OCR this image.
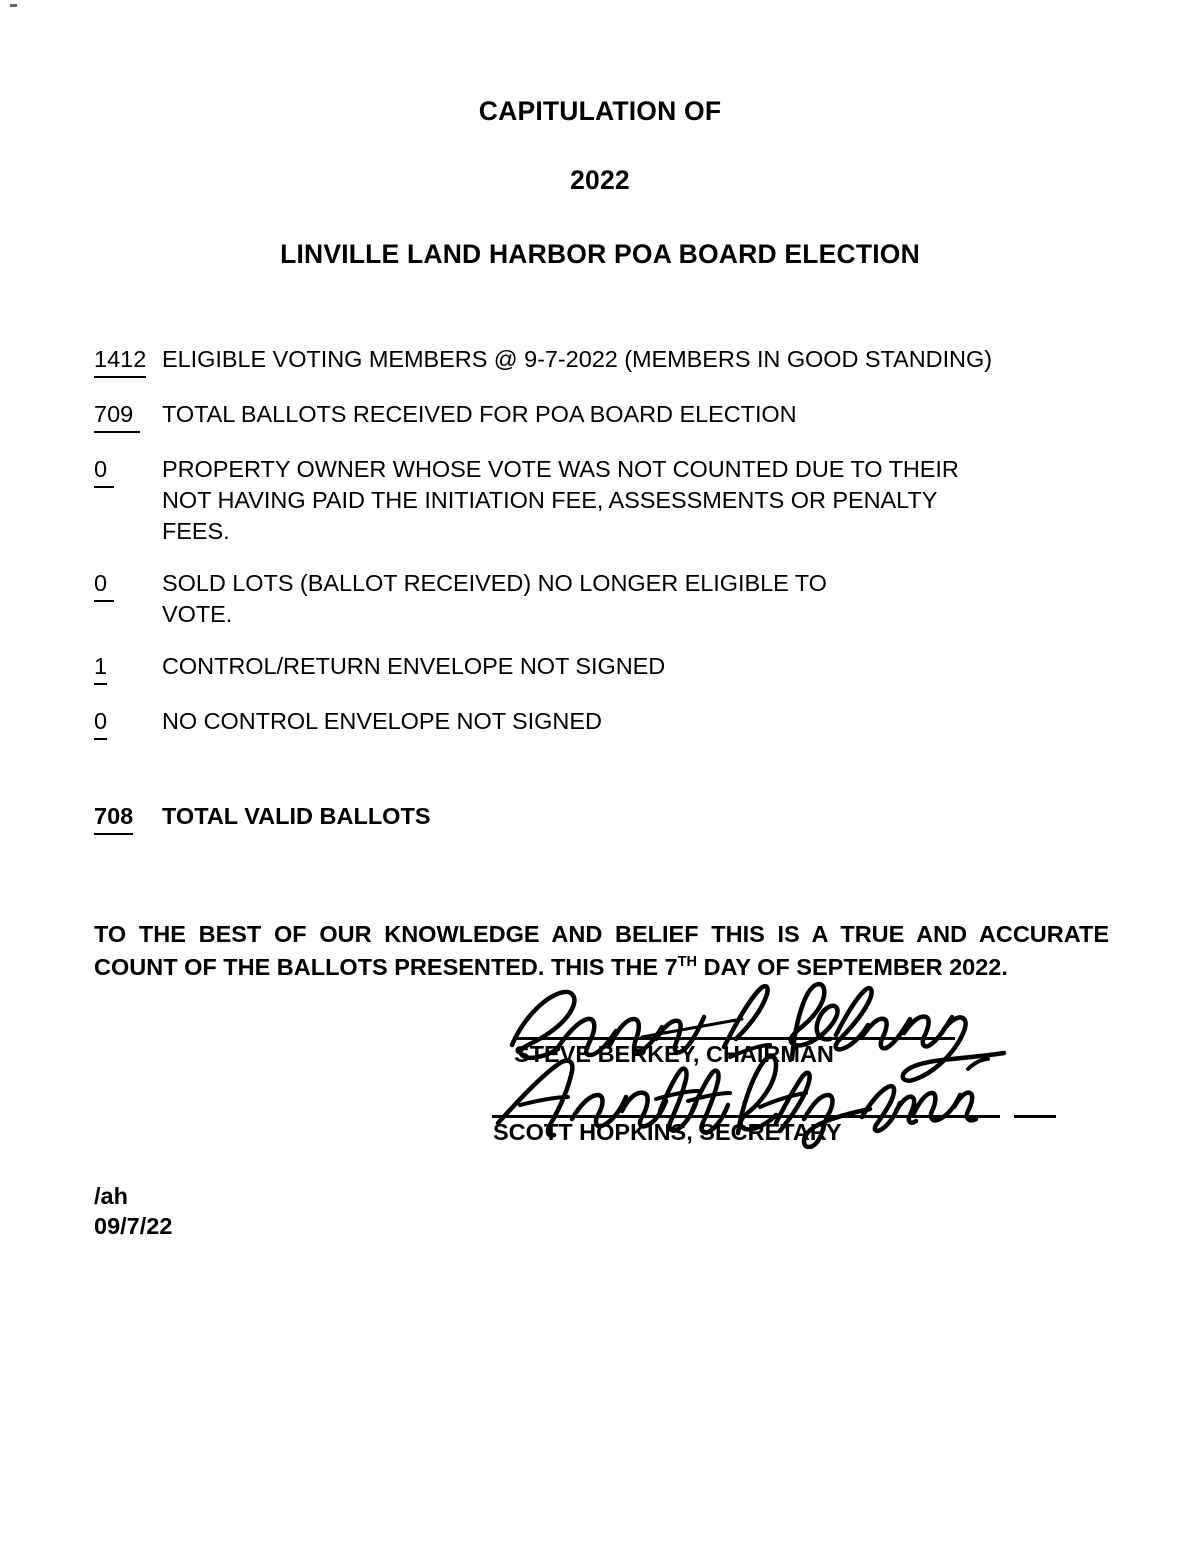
CAPITULATION OF
2022
LINVILLE LAND HARBOR POA BOARD ELECTION
1412 ELIGIBLE VOTING MEMBERS @ 9-7-2022 (MEMBERS IN GOOD STANDING)
709 TOTAL BALLOTS RECEIVED FOR POA BOARD ELECTION
0	PROPERTY OWNER WHOSE VOTE WAS NOT COUNTED DUE TO THEIR
NOT HAVING PAID THE INITIATION FEE, ASSESSMENTS OR PENALTY
FEES.
0	SOLD LOTS (BALLOT RECEIVED) NO LONGER ELIGIBLE TO
VOTE.
1	CONTROL/RETURN ENVELOPE NOT SIGNED
0	NO CONTROL ENVELOPE NOT SIGNED
708	TOTAL VALID BALLOTS
TO THE BEST OF OUR KNOWLEDGE AND BELIEF THIS IS A TRUE AND ACCURATE
COUNT OF THE BALLOTS PRESENTED. THIS THE 7TH DAY OF SEPTEMBER 2022.
STEVE BERKEY, CHAIRMAN
SCOTT HOPKINS, SECRETARY
/ah
09/7/22
